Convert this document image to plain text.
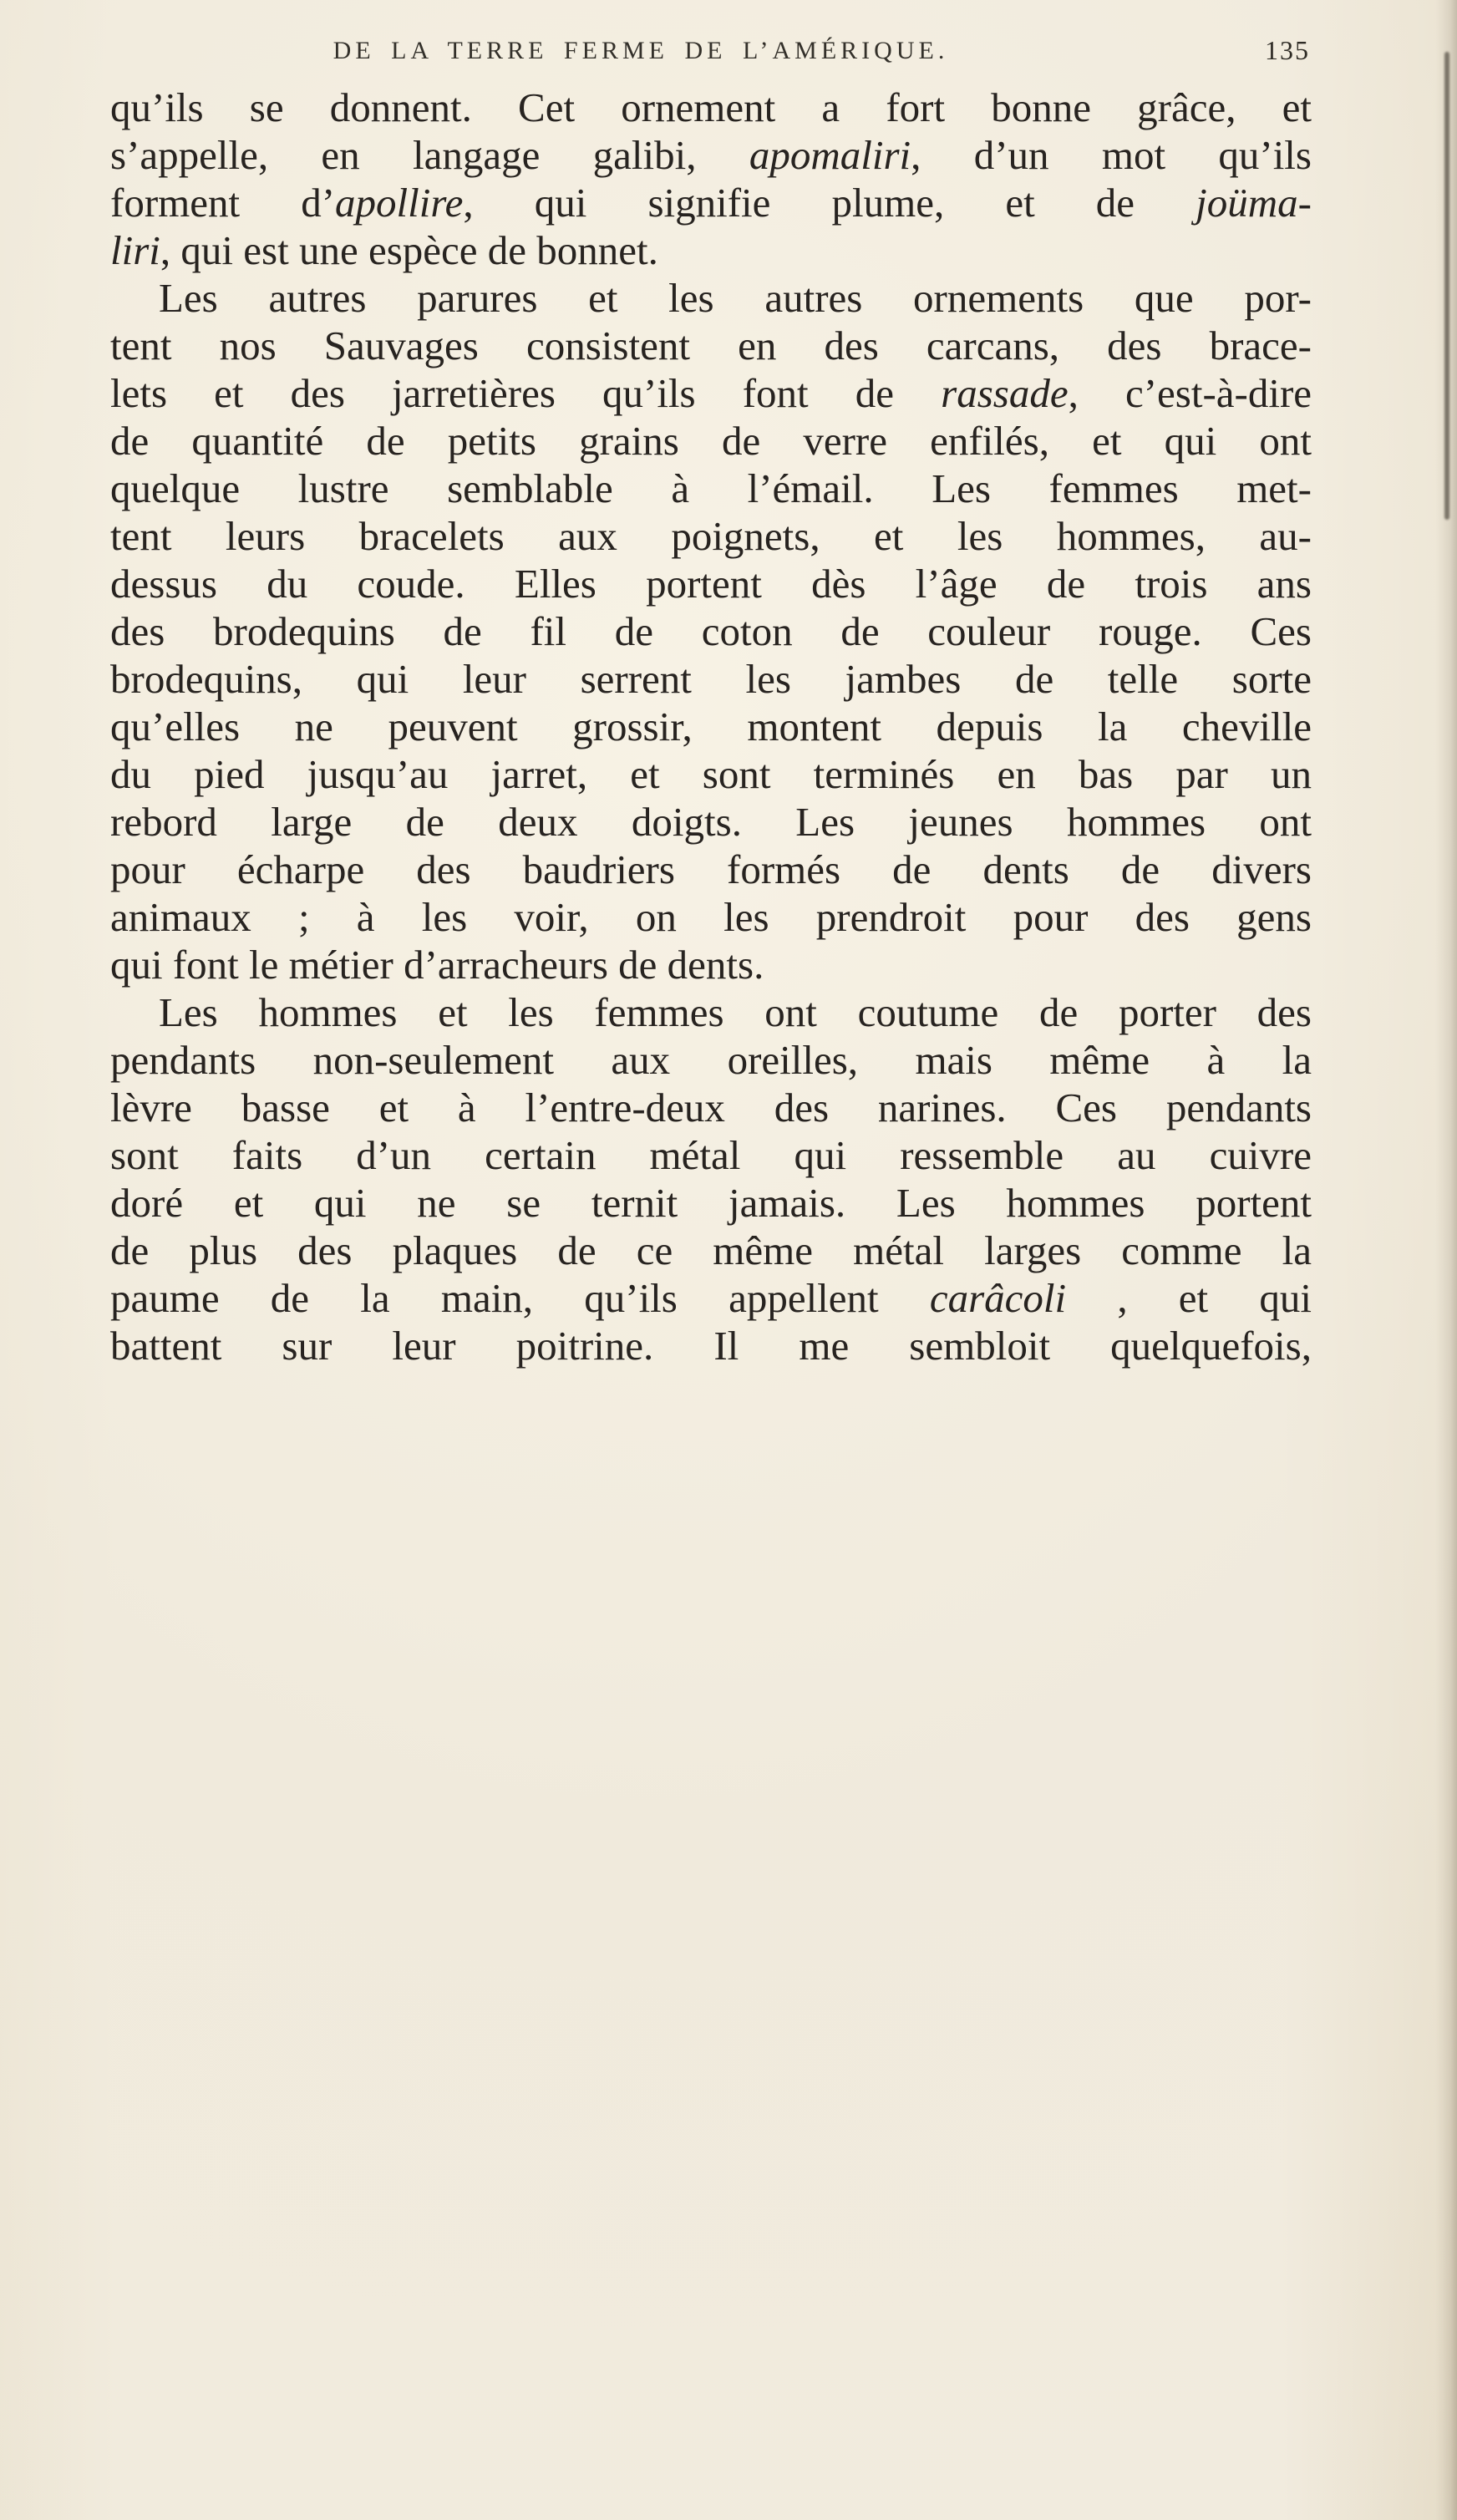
DE LA TERRE FERME DE L’AMÉRIQUE.	135
qu’ils se donnent. Cet ornement a fort bonne grâce, et
s’appelle, en langage galibi, apomaliri, d’un mot qu’ils
forment d’apollire, qui signifie plume, et de joüma-
liri, qui est une espèce de bonnet.
Les autres parures et les autres ornements que por-
tent nos Sauvages consistent en des carcans, des brace-
lets et des jarretières qu’ils font de rassade, c’est-à-dire
de quantité de petits grains de verre enfilés, et qui ont
quelque lustre semblable à l’émail. Les femmes met-
tent leurs bracelets aux poignets, et les hommes, au-
dessus du coude. Elles portent dès l’âge de trois ans
des brodequins de fil de coton de couleur rouge. Ces
brodequins, qui leur serrent les jambes de telle sorte
qu’elles ne peuvent grossir, montent depuis la cheville
du pied jusqu’au jarret, et sont terminés en bas par un
rebord large de deux doigts. Les jeunes hommes ont
pour écharpe des baudriers formés de dents de divers
animaux ; à les voir, on les prendroit pour des gens
qui font le métier d’arracheurs de dents.
Les hommes et les femmes ont coutume de porter des
pendants non-seulement aux oreilles, mais même à la
lèvre basse et à l’entre-deux des narines. Ces pendants
sont faits d’un certain métal qui ressemble au cuivre
doré et qui ne se ternit jamais. Les hommes portent
de plus des plaques de ce même métal larges comme la
paume de la main, qu’ils appellent carâcoli , et qui
battent sur leur poitrine. Il me sembloit quelquefois,
